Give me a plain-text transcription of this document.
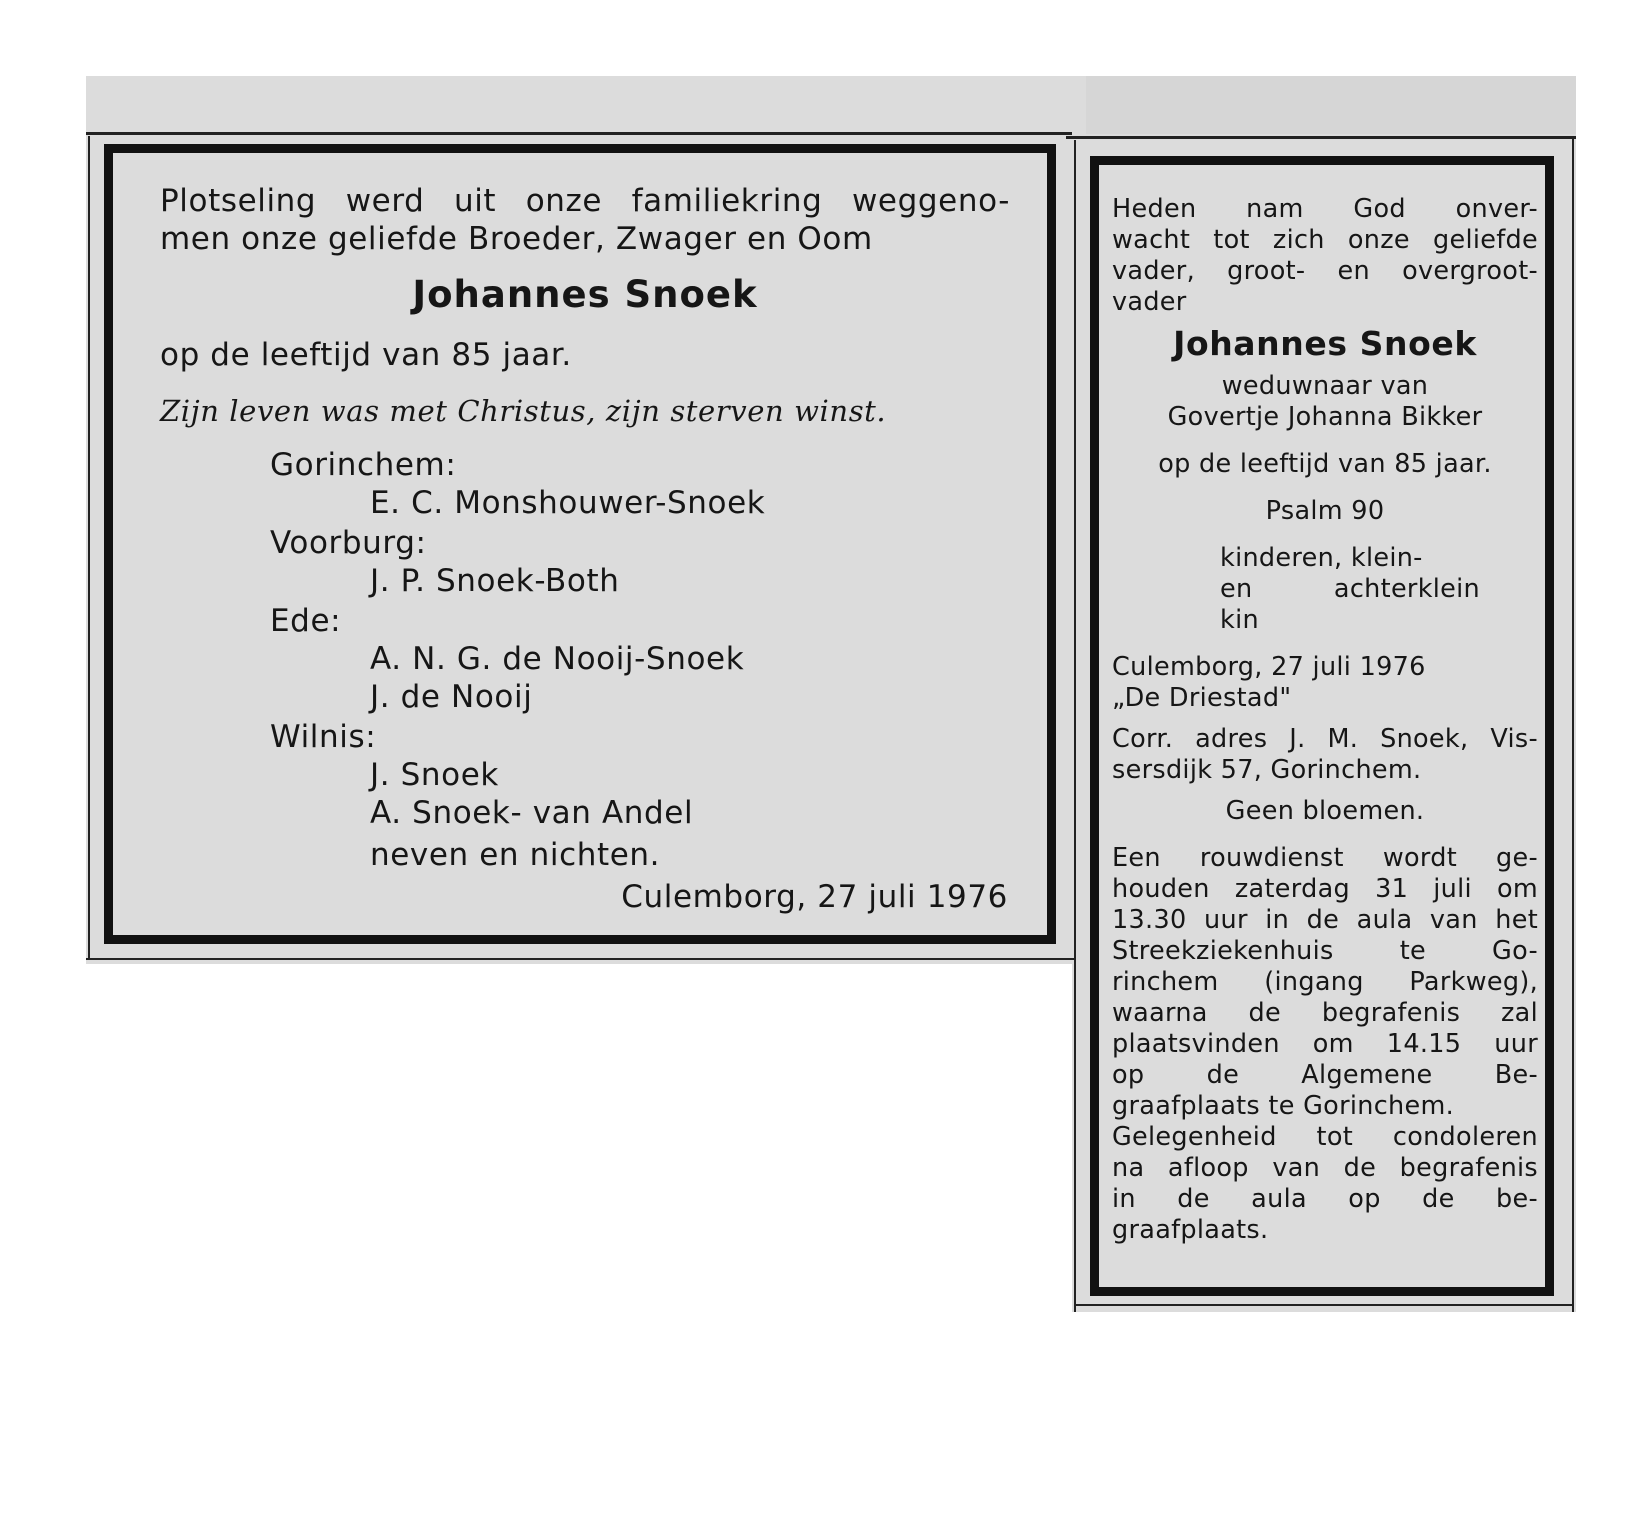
Plotseling werd uit onze familiekring weggeno-

men onze geliefde Broeder, Zwager en Oom

Johannes Snoek

op de leeftijd van 85 jaar.

Zijn leven was met Christus, zijn sterven winst.

Gorinchem:

E. C. Monshouwer-Snoek

Voorburg:

J. P. Snoek-Both

Ede:

A. N. G. de Nooij-Snoek

J. de Nooij

Wilnis:

J. Snoek

A. Snoek- van Andel

neven en nichten.

Culemborg, 27 juli 1976

Heden nam God onver-

wacht tot zich onze geliefde

vader, groot- en overgroot-

vader

Johannes Snoek

weduwnaar van

Govertje Johanna Bikker

op de leeftijd van 85 jaar.

Psalm 90

kinderen, klein-

en achterklein

kin

Culemborg, 27 juli 1976

„De Driestad"

Corr. adres J. M. Snoek, Vis-

sersdijk 57, Gorinchem.

Geen bloemen.

Een rouwdienst wordt ge-

houden zaterdag 31 juli om

13.30 uur in de aula van het

Streekziekenhuis te Go-

rinchem (ingang Parkweg),

waarna de begrafenis zal

plaatsvinden om 14.15 uur

op de Algemene Be-

graafplaats te Gorinchem.

Gelegenheid tot condoleren

na afloop van de begrafenis

in de aula op de be-

graafplaats.
